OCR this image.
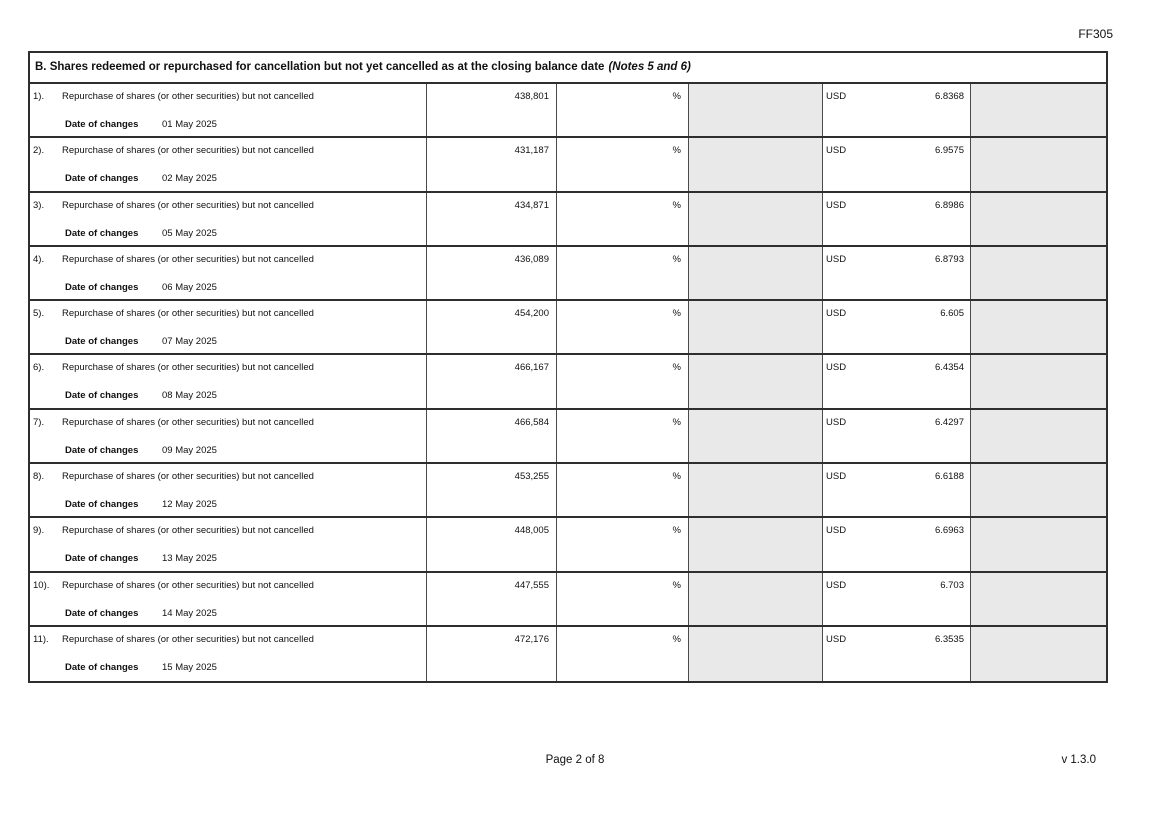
FF305
B. Shares redeemed or repurchased for cancellation but not yet cancelled as at the closing balance date (Notes 5 and 6)
1).	Repurchase of shares (or other securities) but not cancelled
Date of changes 01 May 2025
438,801	%	USD	6.8368
2).	Repurchase of shares (or other securities) but not cancelled
Date of changes 02 May 2025
431,187	%	USD	6.9575
3).	Repurchase of shares (or other securities) but not cancelled
Date of changes 05 May 2025
434,871	%	USD	6.8986
4).	Repurchase of shares (or other securities) but not cancelled
Date of changes 06 May 2025
436,089	%	USD	6.8793
5).	Repurchase of shares (or other securities) but not cancelled
Date of changes 07 May 2025
454,200	%	USD	6.605
6).	Repurchase of shares (or other securities) but not cancelled
Date of changes 08 May 2025
466,167	%	USD	6.4354
7).	Repurchase of shares (or other securities) but not cancelled
Date of changes 09 May 2025
466,584	%	USD	6.4297
8).	Repurchase of shares (or other securities) but not cancelled
Date of changes 12 May 2025
453,255	%	USD	6.6188
9).	Repurchase of shares (or other securities) but not cancelled
Date of changes 13 May 2025
448,005	%	USD	6.6963
10).	Repurchase of shares (or other securities) but not cancelled
Date of changes 14 May 2025
447,555	%	USD	6.703
11).	Repurchase of shares (or other securities) but not cancelled
Date of changes 15 May 2025
472,176	%	USD	6.3535
Page 2 of 8	v 1.3.0
